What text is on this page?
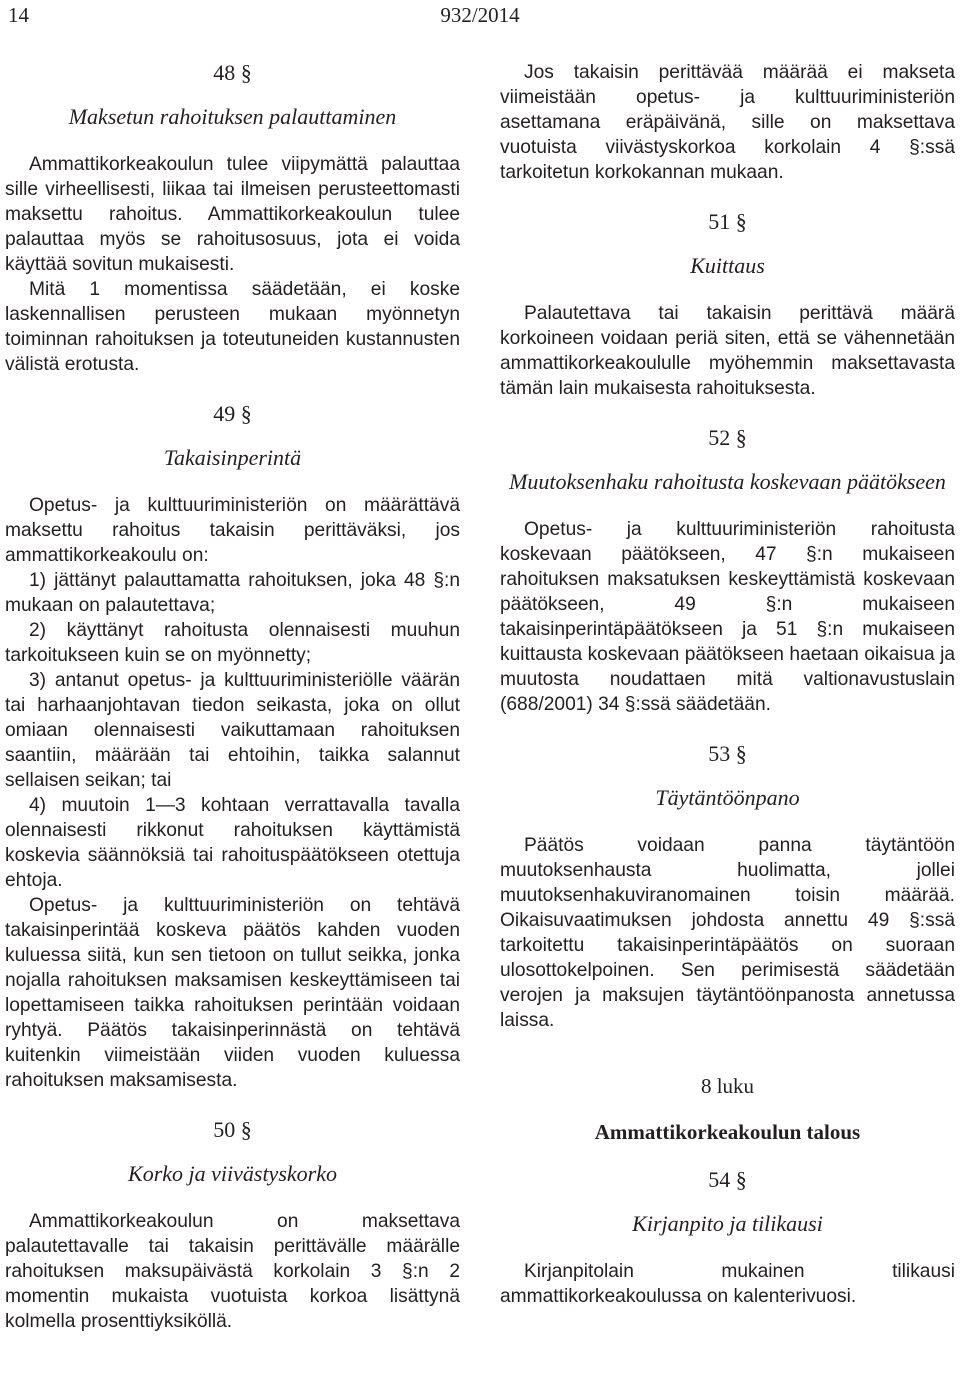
14	932/2014

48 §

Maksetun rahoituksen palauttaminen

Ammattikorkeakoulun tulee viipymättä palauttaa sille virheellisesti, liikaa tai ilmeisen perusteettomasti maksettu rahoitus. Ammattikorkeakoulun tulee palauttaa myös se rahoitusosuus, jota ei voida käyttää sovitun mukaisesti.

Mitä 1 momentissa säädetään, ei koske laskennallisen perusteen mukaan myönnetyn toiminnan rahoituksen ja toteutuneiden kustannusten välistä erotusta.

49 §

Takaisinperintä

Opetus- ja kulttuuriministeriön on määrättävä maksettu rahoitus takaisin perittäväksi, jos ammattikorkeakoulu on:

1) jättänyt palauttamatta rahoituksen, joka 48 §:n mukaan on palautettava;

2) käyttänyt rahoitusta olennaisesti muuhun tarkoitukseen kuin se on myönnetty;

3) antanut opetus- ja kulttuuriministeriölle väärän tai harhaanjohtavan tiedon seikasta, joka on ollut omiaan olennaisesti vaikuttamaan rahoituksen saantiin, määrään tai ehtoihin, taikka salannut sellaisen seikan; tai

4) muutoin 1—3 kohtaan verrattavalla tavalla olennaisesti rikkonut rahoituksen käyttämistä koskevia säännöksiä tai rahoituspäätökseen otettuja ehtoja.

Opetus- ja kulttuuriministeriön on tehtävä takaisinperintää koskeva päätös kahden vuoden kuluessa siitä, kun sen tietoon on tullut seikka, jonka nojalla rahoituksen maksamisen keskeyttämiseen tai lopettamiseen taikka rahoituksen perintään voidaan ryhtyä. Päätös takaisinperinnästä on tehtävä kuitenkin viimeistään viiden vuoden kuluessa rahoituksen maksamisesta.

50 §

Korko ja viivästyskorko

Ammattikorkeakoulun on maksettava palautettavalle tai takaisin perittävälle määrälle rahoituksen maksupäivästä korkolain 3 §:n 2 momentin mukaista vuotuista korkoa lisättynä kolmella prosenttiyksiköllä.

Jos takaisin perittävää määrää ei makseta viimeistään opetus- ja kulttuuriministeriön asettamana eräpäivänä, sille on maksettava vuotuista viivästyskorkoa korkolain 4 §:ssä tarkoitetun korkokannan mukaan.

51 §

Kuittaus

Palautettava tai takaisin perittävä määrä korkoineen voidaan periä siten, että se vähennetään ammattikorkeakoululle myöhemmin maksettavasta tämän lain mukaisesta rahoituksesta.

52 §

Muutoksenhaku rahoitusta koskevaan päätökseen

Opetus- ja kulttuuriministeriön rahoitusta koskevaan päätökseen, 47 §:n mukaiseen rahoituksen maksatuksen keskeyttämistä koskevaan päätökseen, 49 §:n mukaiseen takaisinperintäpäätökseen ja 51 §:n mukaiseen kuittausta koskevaan päätökseen haetaan oikaisua ja muutosta noudattaen mitä valtionavustuslain (688/2001) 34 §:ssä säädetään.

53 §

Täytäntöönpano

Päätös voidaan panna täytäntöön muutoksenhausta huolimatta, jollei muutoksenhakuviranomainen toisin määrää. Oikaisuvaatimuksen johdosta annettu 49 §:ssä tarkoitettu takaisinperintäpäätös on suoraan ulosottokelpoinen. Sen perimisestä säädetään verojen ja maksujen täytäntöönpanosta annetussa laissa.

8 luku

Ammattikorkeakoulun talous

54 §

Kirjanpito ja tilikausi

Kirjanpitolain mukainen tilikausi ammattikorkeakoulussa on kalenterivuosi.
